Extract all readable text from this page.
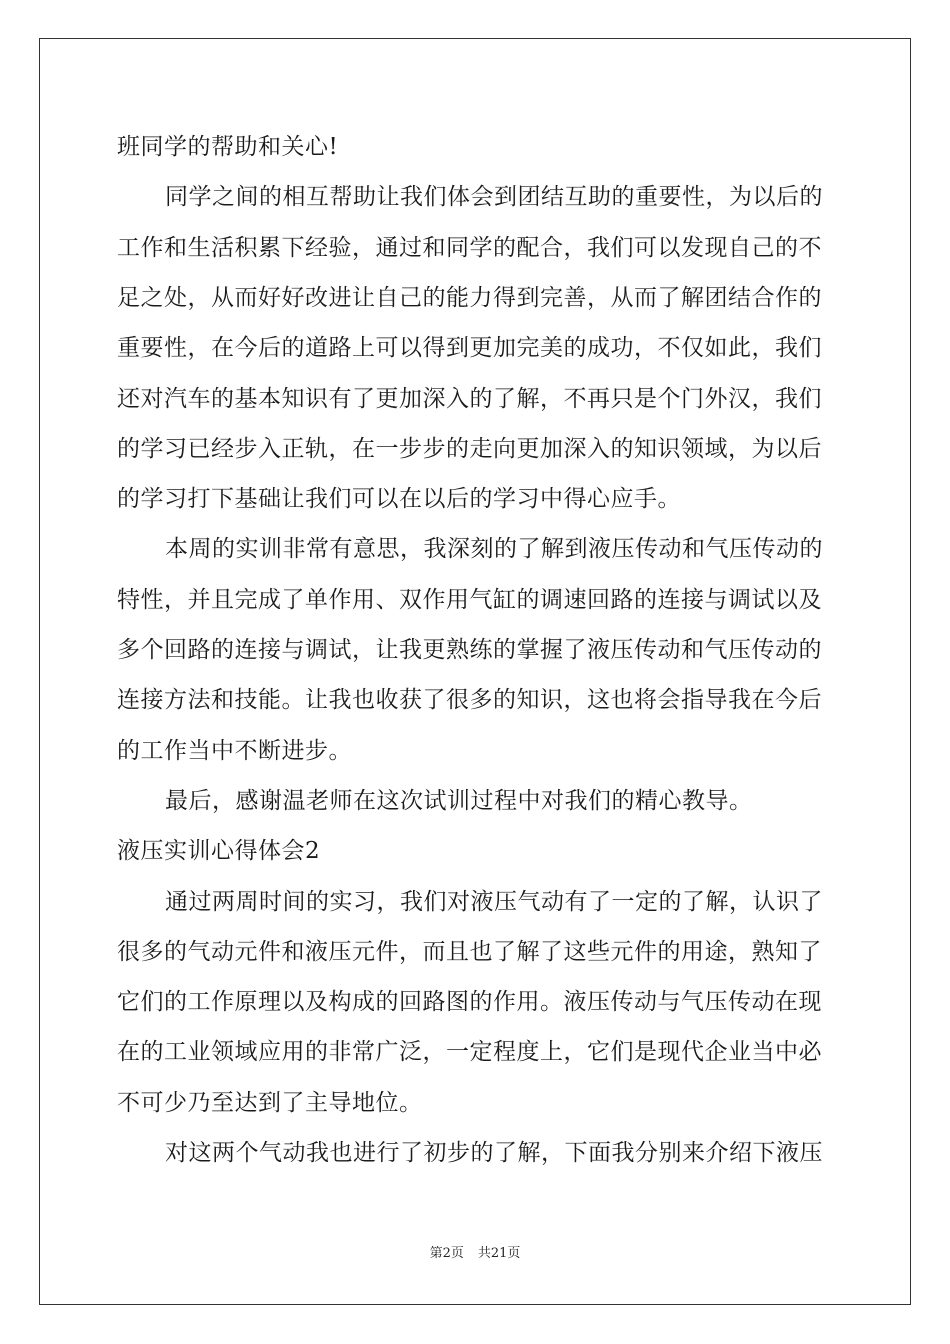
班同学的帮助和关心!
同学之间的相互帮助让我们体会到团结互助的重要性，为以后的
工作和生活积累下经验，通过和同学的配合，我们可以发现自己的不
足之处，从而好好改进让自己的能力得到完善，从而了解团结合作的
重要性，在今后的道路上可以得到更加完美的成功，不仅如此，我们
还对汽车的基本知识有了更加深入的了解，不再只是个门外汉，我们
的学习已经步入正轨，在一步步的走向更加深入的知识领域，为以后
的学习打下基础让我们可以在以后的学习中得心应手。
本周的实训非常有意思，我深刻的了解到液压传动和气压传动的
特性，并且完成了单作用、双作用气缸的调速回路的连接与调试以及
多个回路的连接与调试，让我更熟练的掌握了液压传动和气压传动的
连接方法和技能。让我也收获了很多的知识，这也将会指导我在今后
的工作当中不断进步。
最后，感谢温老师在这次试训过程中对我们的精心教导。
液压实训心得体会2
通过两周时间的实习，我们对液压气动有了一定的了解，认识了
很多的气动元件和液压元件，而且也了解了这些元件的用途，熟知了
它们的工作原理以及构成的回路图的作用。液压传动与气压传动在现
在的工业领域应用的非常广泛，一定程度上，它们是现代企业当中必
不可少乃至达到了主导地位。
对这两个气动我也进行了初步的了解，下面我分别来介绍下液压
第2页 共21页
